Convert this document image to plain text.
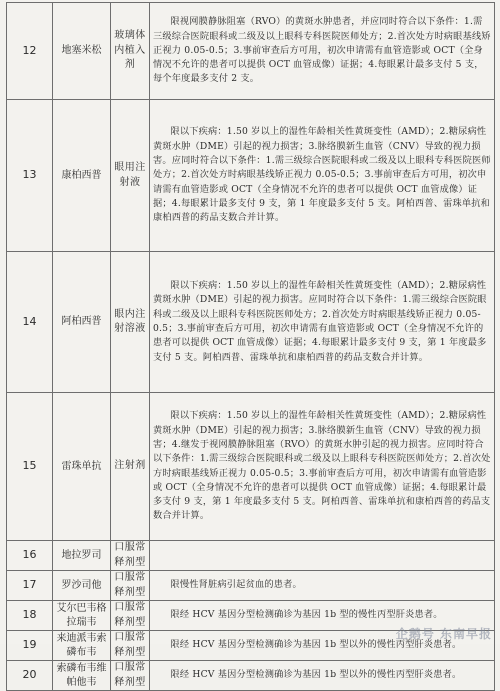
12	地塞米松	玻璃体内植入剂	限视网膜静脉阻塞（RVO）的黄斑水肿患者，并应同时符合以下条件：1.需三级综合医院眼科或二级及以上眼科专科医院医师处方；2.首次处方时病眼基线矫正视力 0.05-0.5；3.事前审查后方可用，初次申请需有血管造影或 OCT（全身情况不允许的患者可以提供 OCT 血管成像）证据；4.每眼累计最多支付 5 支，每个年度最多支付 2 支。

13	康柏西普	眼用注射液	限以下疾病：1.50 岁以上的湿性年龄相关性黄斑变性（AMD）；2.糖尿病性黄斑水肿（DME）引起的视力损害；3.脉络膜新生血管（CNV）导致的视力损害。应同时符合以下条件：1.需三级综合医院眼科或二级及以上眼科专科医院医师处方；2.首次处方时病眼基线矫正视力 0.05-0.5；3.事前审查后方可用，初次申请需有血管造影或 OCT（全身情况不允许的患者可以提供 OCT 血管成像）证据；4.每眼累计最多支付 9 支，第 1 年度最多支付 5 支。阿柏西普、雷珠单抗和康柏西普的药品支数合并计算。

14	阿柏西普	眼内注射溶液	限以下疾病：1.50 岁以上的湿性年龄相关性黄斑变性（AMD）；2.糖尿病性黄斑水肿（DME）引起的视力损害。应同时符合以下条件：1.需三级综合医院眼科或二级及以上眼科专科医院医师处方；2.首次处方时病眼基线矫正视力 0.05-0.5；3.事前审查后方可用，初次申请需有血管造影或 OCT（全身情况不允许的患者可以提供 OCT 血管成像）证据；4.每眼累计最多支付 9 支，第 1 年度最多支付 5 支。阿柏西普、雷珠单抗和康柏西普的药品支数合并计算。

15	雷珠单抗	注射剂	限以下疾病：1.50 岁以上的湿性年龄相关性黄斑变性（AMD）；2.糖尿病性黄斑水肿（DME）引起的视力损害；3.脉络膜新生血管（CNV）导致的视力损害；4.继发于视网膜静脉阻塞（RVO）的黄斑水肿引起的视力损害。应同时符合以下条件：1.需三级综合医院眼科或二级及以上眼科专科医院医师处方；2.首次处方时病眼基线矫正视力 0.05-0.5；3.事前审查后方可用，初次申请需有血管造影或 OCT（全身情况不允许的患者可以提供 OCT 血管成像）证据；4.每眼累计最多支付 9 支，第 1 年度最多支付 5 支。阿柏西普、雷珠单抗和康柏西普的药品支数合并计算。

16	地拉罗司	口服常释剂型	

17	罗沙司他	口服常释剂型	限慢性肾脏病引起贫血的患者。

18	艾尔巴韦格拉瑞韦	口服常释剂型	限经 HCV 基因分型检测确诊为基因 1b 型的慢性丙型肝炎患者。

19	来迪派韦索磷布韦	口服常释剂型	限经 HCV 基因分型检测确诊为基因 1b 型以外的慢性丙型肝炎患者。

20	索磷布韦维帕他韦	口服常释剂型	限经 HCV 基因分型检测确诊为基因 1b 型以外的慢性丙型肝炎患者。
企鹅号 东南早报
